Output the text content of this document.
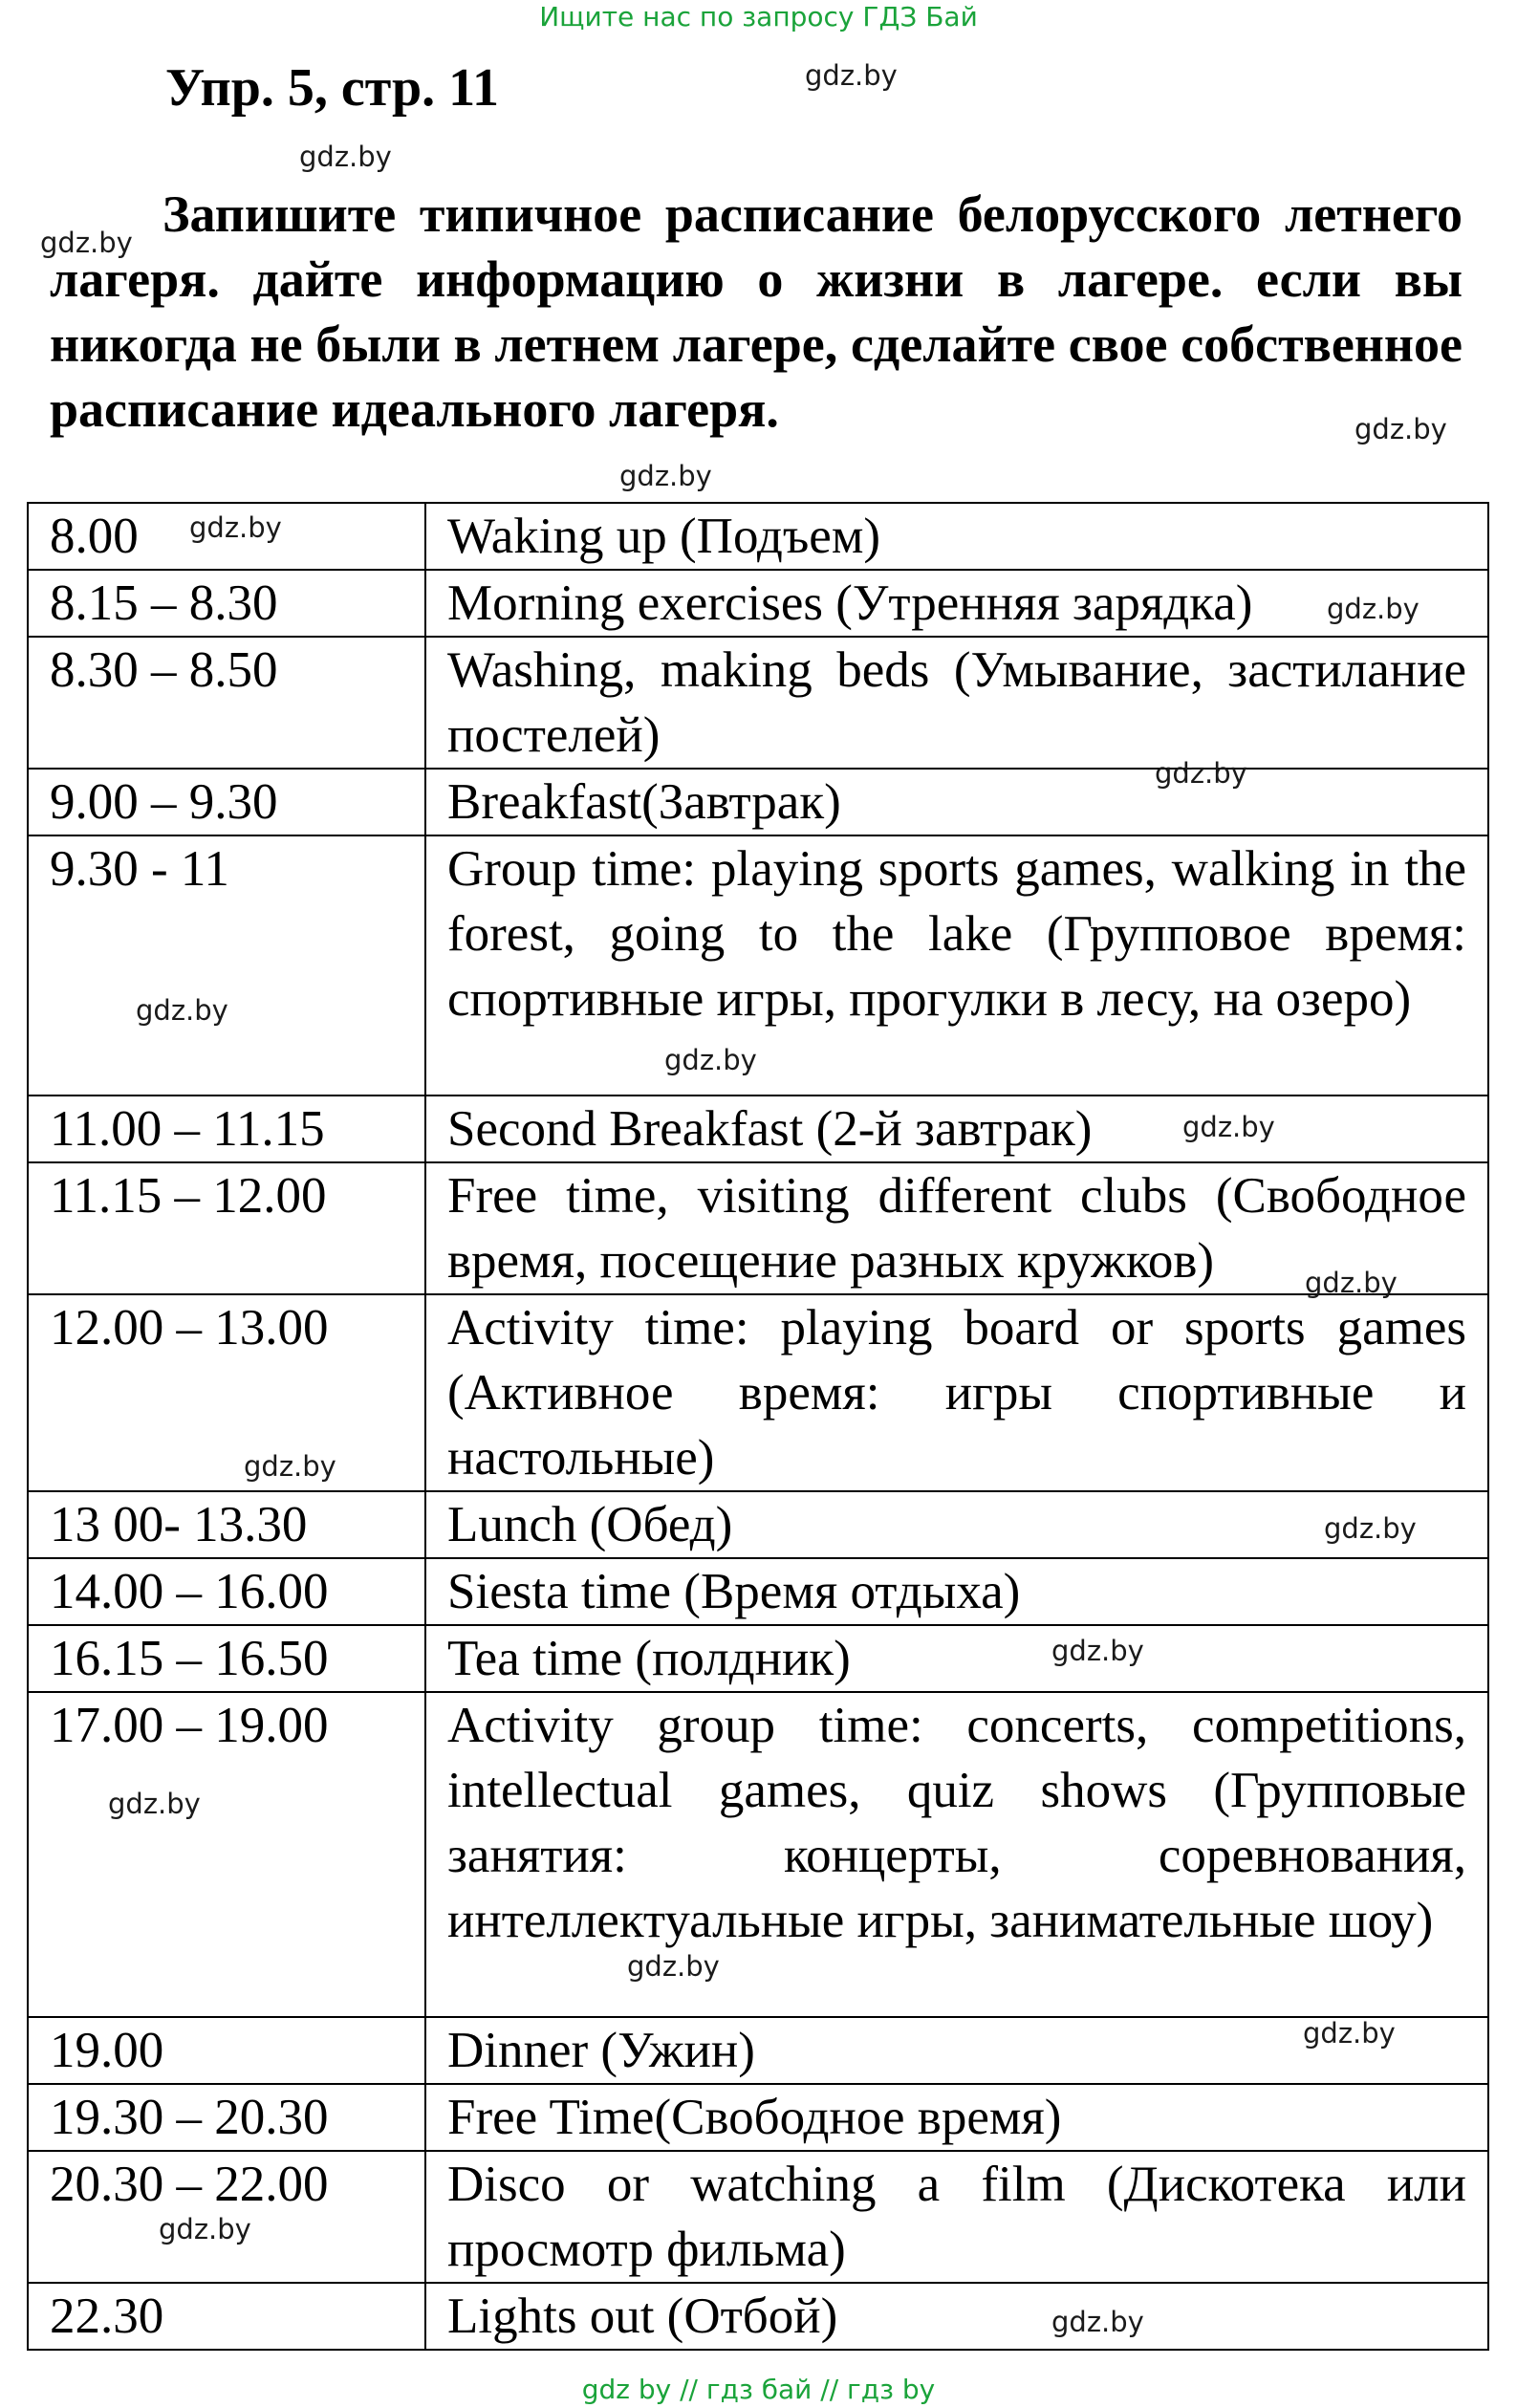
Ищите нас по запросу ГДЗ Бай
Упр. 5, стр. 11

Запишите типичное расписание белорусского летнего лагеря. дайте информацию о жизни в лагере. если вы никогда не были в летнем лагере, сделайте свое собственное расписание идеального лагеря.

8.00	Waking up (Подъем)
8.15 – 8.30	Morning exercises (Утренняя зарядка)
8.30 – 8.50	Washing, making beds (Умывание, застилание постелей)
9.00 – 9.30	Breakfast(Завтрак)
9.30 - 11	Group time: playing sports games, walking in the forest, going to the lake (Групповое время: спортивные игры, прогулки в лесу, на озеро)
11.00 – 11.15	Second Breakfast (2-й завтрак)
11.15 – 12.00	Free time, visiting different clubs (Свободное время, посещение разных кружков)
12.00 – 13.00	Activity time: playing board or sports games (Активное время: игры спортивные и настольные)
13 00- 13.30	Lunch (Обед)
14.00 – 16.00	Siesta time (Время отдыха)
16.15 – 16.50	Tea time (полдник)
17.00 – 19.00	Activity group time: concerts, competitions, intellectual games, quiz shows (Групповые занятия: концерты, соревнования, интеллектуальные игры, занимательные шоу)
19.00	Dinner (Ужин)
19.30 – 20.30	Free Time(Свободное время)
20.30 – 22.00	Disco or watching a film (Дискотека или просмотр фильма)
22.30	Lights out (Отбой)
gdz.by
gdz.by
gdz.by
gdz.by
gdz.by
gdz.by
gdz.by
gdz.by
gdz.by
gdz.by
gdz.by
gdz.by
gdz.by
gdz.by
gdz.by
gdz.by
gdz.by
gdz.by
gdz.by
gdz.by
gdz by // гдз бай // гдз by
